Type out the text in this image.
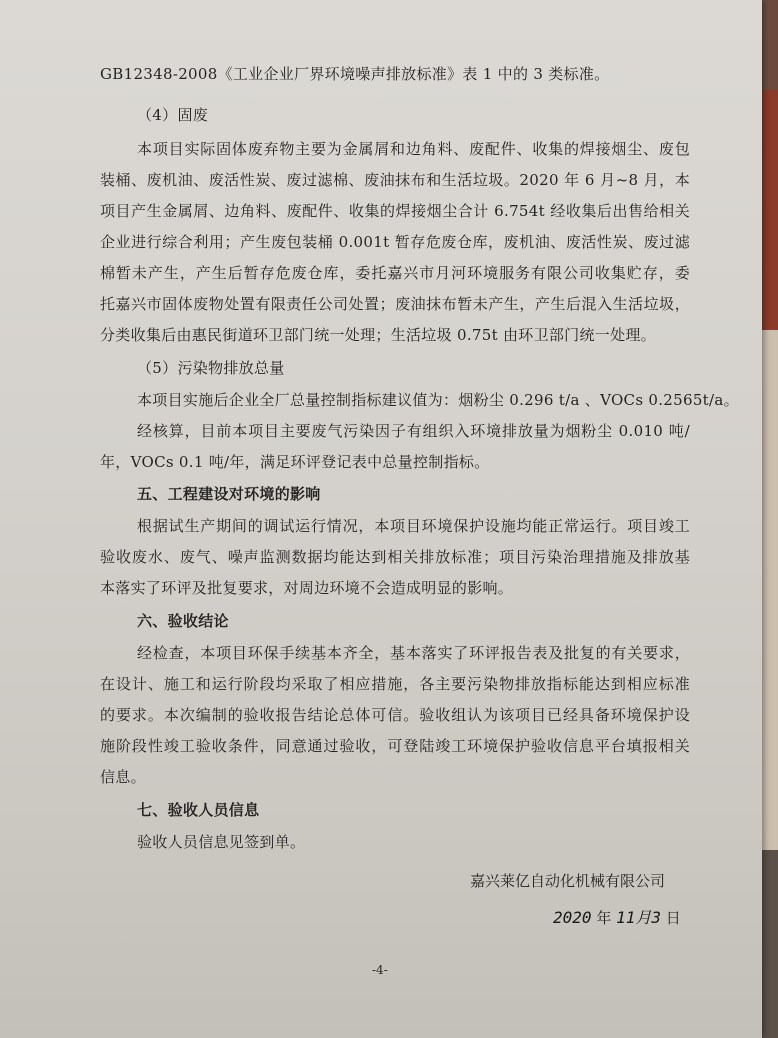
GB12348-2008《工业企业厂界环境噪声排放标准》表 1 中的 3 类标准。
（4）固废
本项目实际固体废弃物主要为金属屑和边角料、废配件、收集的焊接烟尘、废包
装桶、废机油、废活性炭、废过滤棉、废油抹布和生活垃圾。2020 年 6 月~8 月，本
项目产生金属屑、边角料、废配件、收集的焊接烟尘合计 6.754t 经收集后出售给相关
企业进行综合利用；产生废包装桶 0.001t 暂存危废仓库，废机油、废活性炭、废过滤
棉暂未产生，产生后暂存危废仓库，委托嘉兴市月河环境服务有限公司收集贮存，委
托嘉兴市固体废物处置有限责任公司处置；废油抹布暂未产生，产生后混入生活垃圾，
分类收集后由惠民街道环卫部门统一处理；生活垃圾 0.75t 由环卫部门统一处理。
（5）污染物排放总量
本项目实施后企业全厂总量控制指标建议值为：烟粉尘 0.296 t/a 、VOCs 0.2565t/a。
经核算，目前本项目主要废气污染因子有组织入环境排放量为烟粉尘 0.010 吨/
年，VOCs 0.1 吨/年，满足环评登记表中总量控制指标。
五、工程建设对环境的影响
根据试生产期间的调试运行情况，本项目环境保护设施均能正常运行。项目竣工
验收废水、废气、噪声监测数据均能达到相关排放标准；项目污染治理措施及排放基
本落实了环评及批复要求，对周边环境不会造成明显的影响。
六、验收结论
经检查，本项目环保手续基本齐全，基本落实了环评报告表及批复的有关要求，
在设计、施工和运行阶段均采取了相应措施，各主要污染物排放指标能达到相应标准
的要求。本次编制的验收报告结论总体可信。验收组认为该项目已经具备环境保护设
施阶段性竣工验收条件，同意通过验收，可登陆竣工环境保护验收信息平台填报相关
信息。
七、验收人员信息
验收人员信息见签到单。
嘉兴莱亿自动化机械有限公司
2020 年 11月3 日
-4-
